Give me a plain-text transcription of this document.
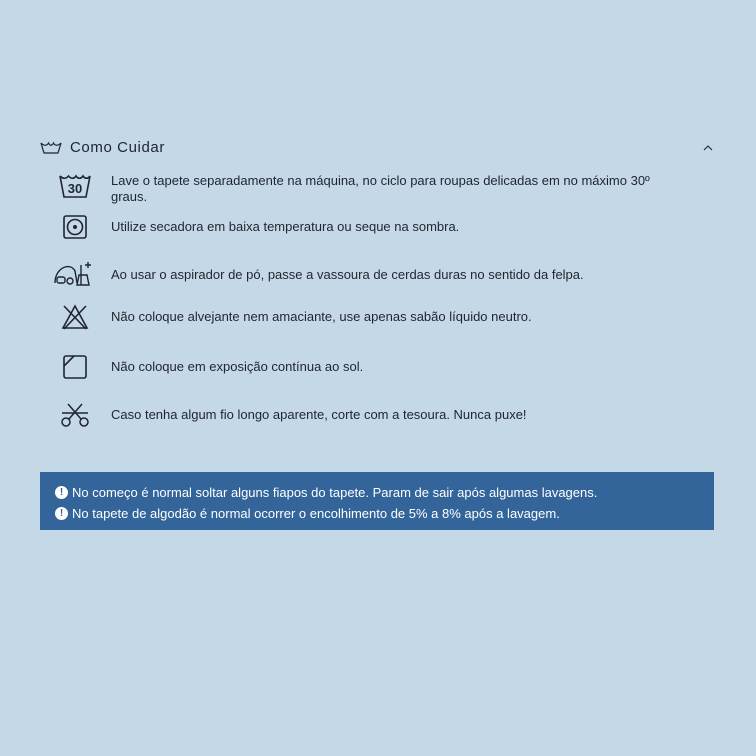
Como Cuidar
30
Lave o tapete separadamente na máquina, no ciclo para roupas delicadas em no máximo 30º graus.
Utilize secadora em baixa temperatura ou seque na sombra.
Ao usar o aspirador de pó, passe a vassoura de cerdas duras no sentido da felpa.
Não coloque alvejante nem amaciante, use apenas sabão líquido neutro.
Não coloque em exposição contínua ao sol.
Caso tenha algum fio longo aparente, corte com a tesoura. Nunca puxe!
! No começo é normal soltar alguns fiapos do tapete. Param de sair após algumas lavagens.
! No tapete de algodão é normal ocorrer o encolhimento de 5% a 8% após a lavagem.
